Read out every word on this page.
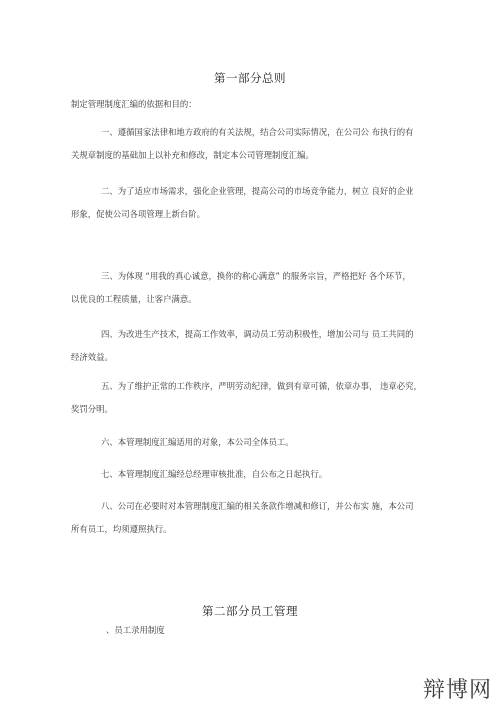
第一部分总则
制定管理制度汇编的依据和目的：
一、遵循国家法律和地方政府的有关法规，结合公司实际情况，在公司公 布执行的有
关规章制度的基础加上以补充和修改，制定本公司管理制度汇编。
二、为了适应市场需求，强化企业管理，提高公司的市场竞争能力，树立 良好的企业
形象，促使公司各项管理上新台阶。
三、为体现 “用我的真心诚意，换你的称心满意” 的服务宗旨，严格把好 各个环节，
以优良的工程质量，让客户满意。
四、为改进生产技术，提高工作效率，调动员工劳动积极性，增加公司与 员工共同的
经济效益。
五、为了维护正常的工作秩序，严明劳动纪律，做到有章可循，依章办事， 违章必究，
奖罚分明。
六、本管理制度汇编适用的对象，本公司全体员工。
七、本管理制度汇编经总经理审核批准，自公布之日起执行。
八、公司在必要时对本管理制度汇编的相关条款作增减和修订，并公布实 施，本公司
所有员工，均须遵照执行。
第二部分员工管理
、员工录用制度
辩博网
